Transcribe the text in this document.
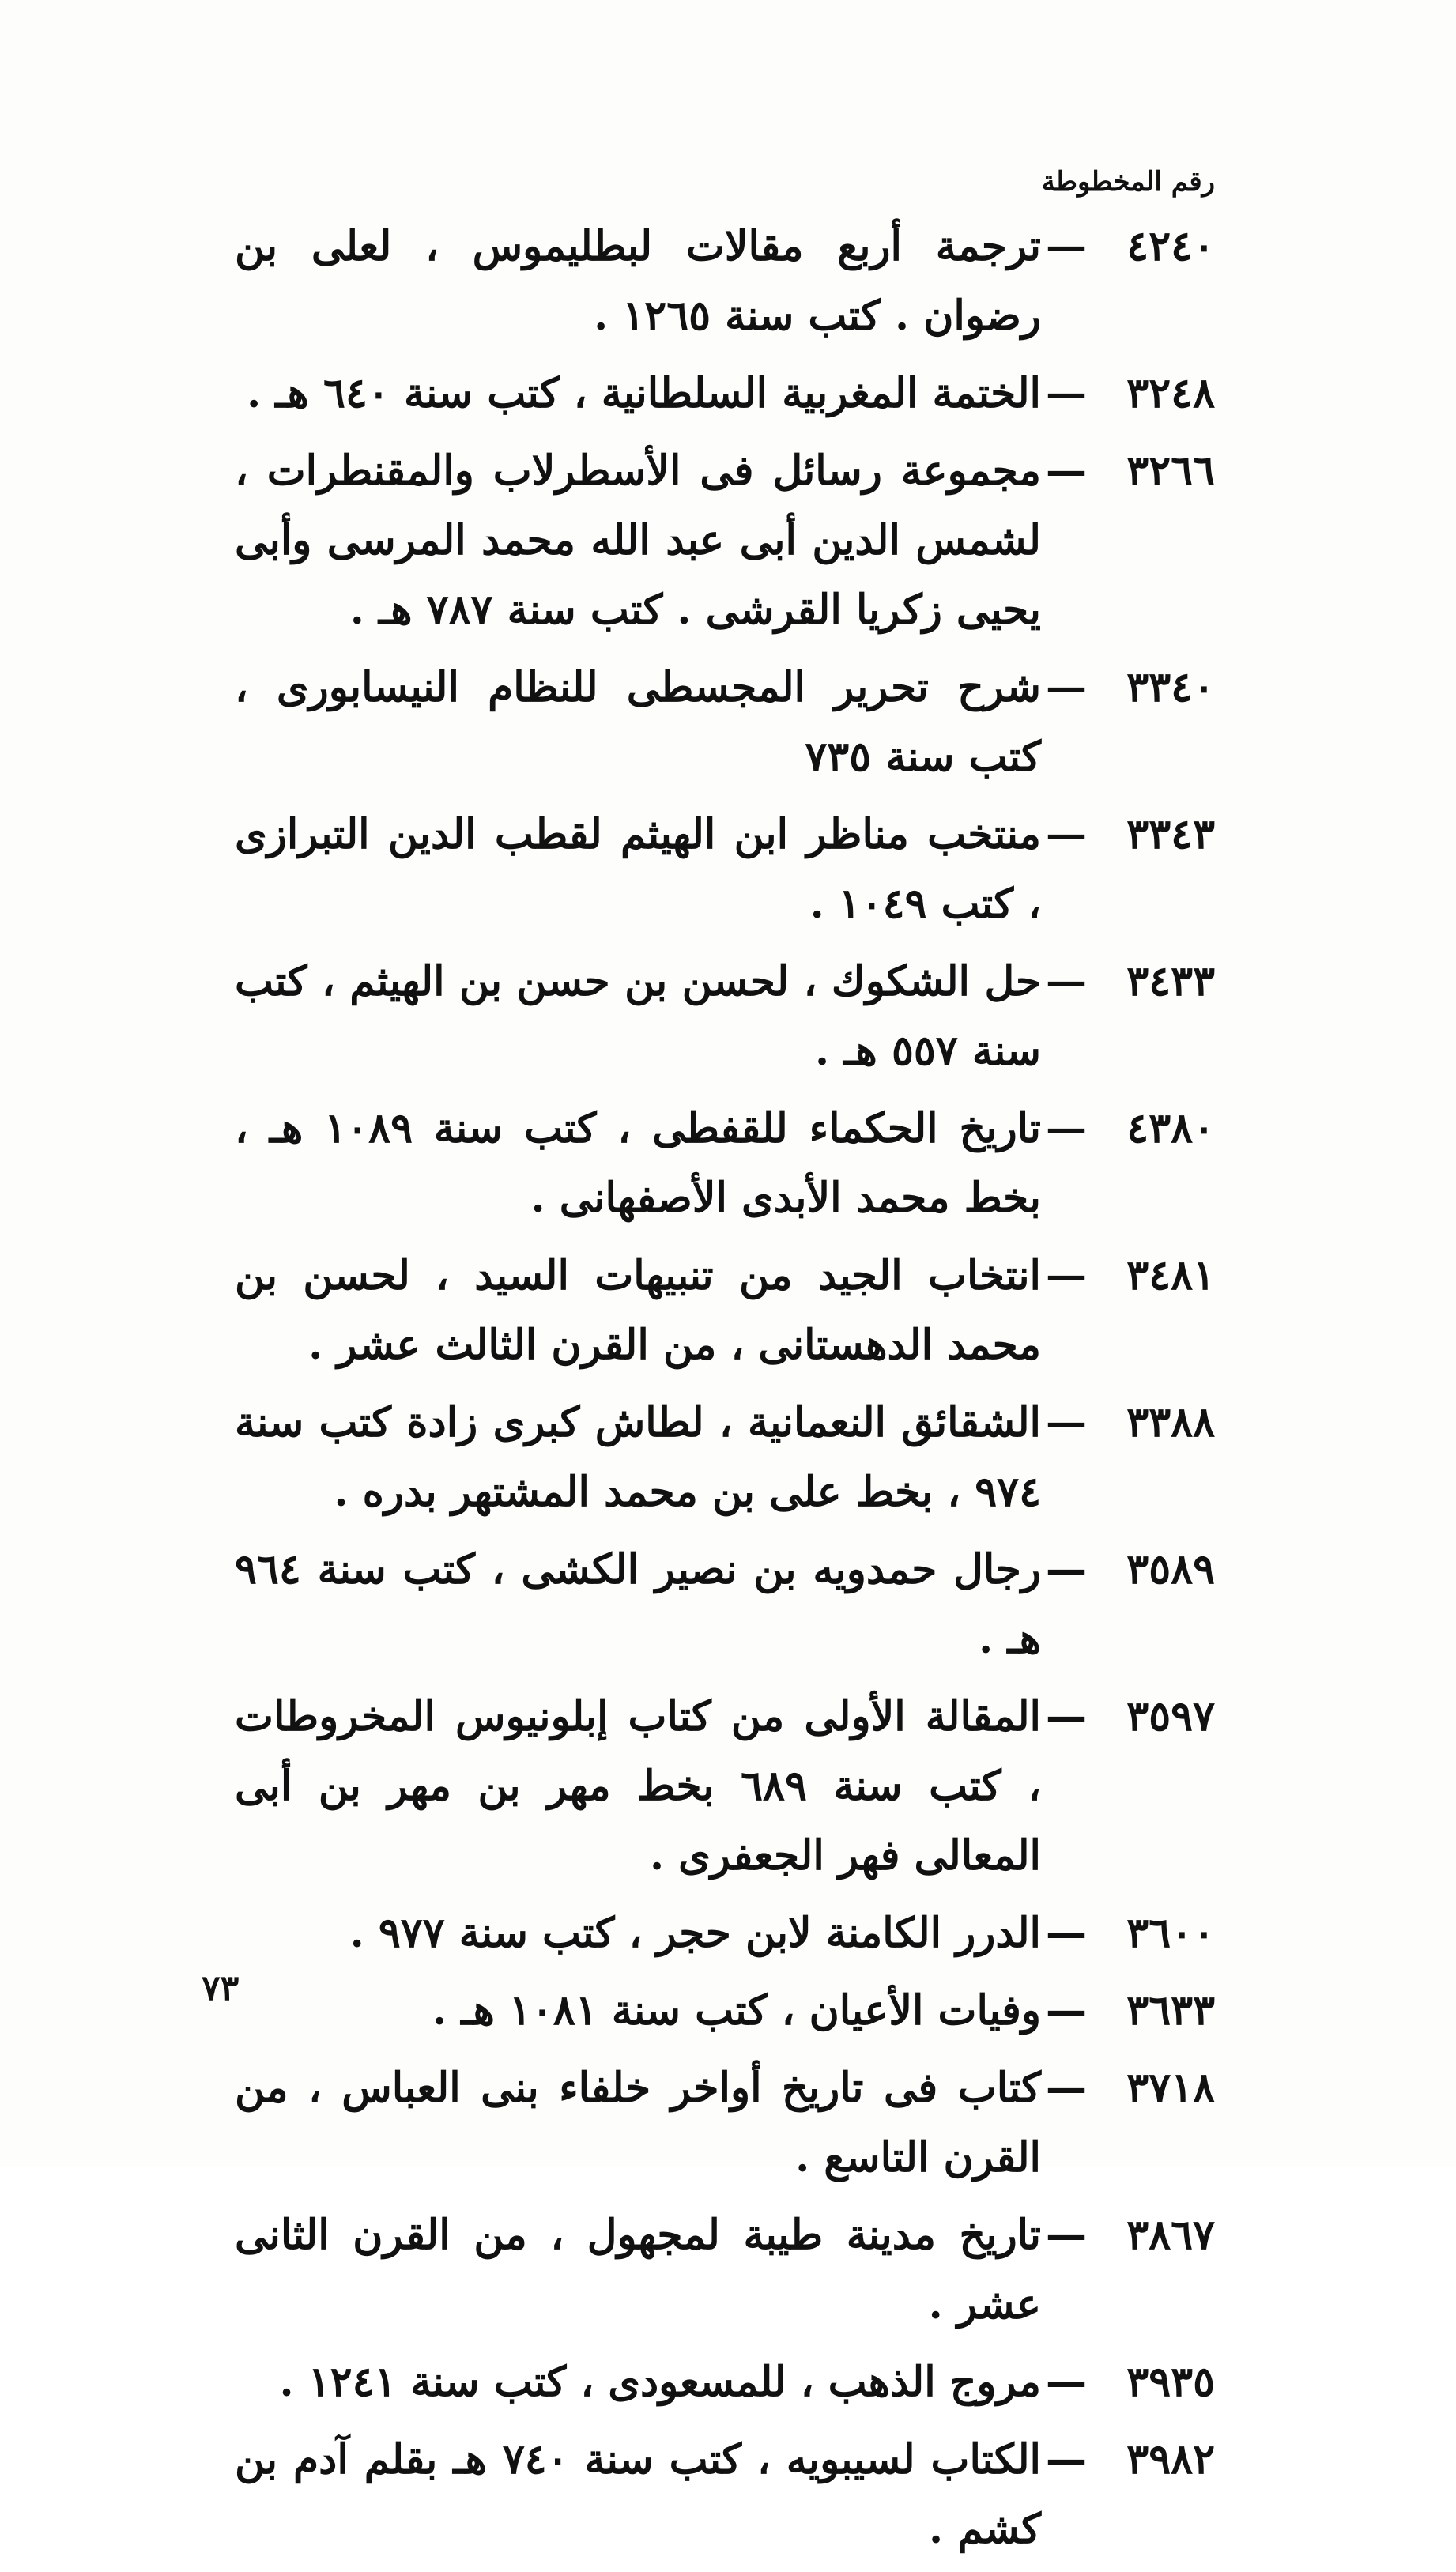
رقم المخطوطة
٤٢٤٠
—
ترجمة أربع مقالات لبطليموس ، لعلى بن رضوان . كتب سنة ١٢٦٥ .
٣٢٤٨
—
الختمة المغربية السلطانية ، كتب سنة ٦٤٠ هـ .
٣٢٦٦
—
مجموعة رسائل فى الأسطرلاب والمقنطرات ، لشمس الدين أبى عبد الله محمد المرسى وأبى يحيى زكريا القرشى . كتب سنة ٧٨٧ هـ .
٣٣٤٠
—
شرح تحرير المجسطى للنظام النيسابورى ، كتب سنة ٧٣٥
٣٣٤٣
—
منتخب مناظر ابن الهيثم لقطب الدين التبرازى ، كتب ١٠٤٩ .
٣٤٣٣
—
حل الشكوك ، لحسن بن حسن بن الهيثم ، كتب سنة ٥٥٧ هـ .
٤٣٨٠
—
تاريخ الحكماء للقفطى ، كتب سنة ١٠٨٩ هـ ، بخط محمد الأبدى الأصفهانى .
٣٤٨١
—
انتخاب الجيد من تنبيهات السيد ، لحسن بن محمد الدهستانى ، من القرن الثالث عشر .
٣٣٨٨
—
الشقائق النعمانية ، لطاش كبرى زادة كتب سنة ٩٧٤ ، بخط على بن محمد المشتهر بدره .
٣٥٨٩
—
رجال حمدويه بن نصير الكشى ، كتب سنة ٩٦٤ هـ .
٣٥٩٧
—
المقالة الأولى من كتاب إبلونيوس المخروطات ، كتب سنة ٦٨٩ بخط مهر بن مهر بن أبى المعالى فهر الجعفرى .
٣٦٠٠
—
الدرر الكامنة لابن حجر ، كتب سنة ٩٧٧ .
٣٦٣٣
—
وفيات الأعيان ، كتب سنة ١٠٨١ هـ .
٣٧١٨
—
كتاب فى تاريخ أواخر خلفاء بنى العباس ، من القرن التاسع .
٣٨٦٧
—
تاريخ مدينة طيبة لمجهول ، من القرن الثانى عشر .
٣٩٣٥
—
مروج الذهب ، للمسعودى ، كتب سنة ١٢٤١ .
٣٩٨٢
—
الكتاب لسيبويه ، كتب سنة ٧٤٠ هـ بقلم آدم بن كشم .
٧٣
